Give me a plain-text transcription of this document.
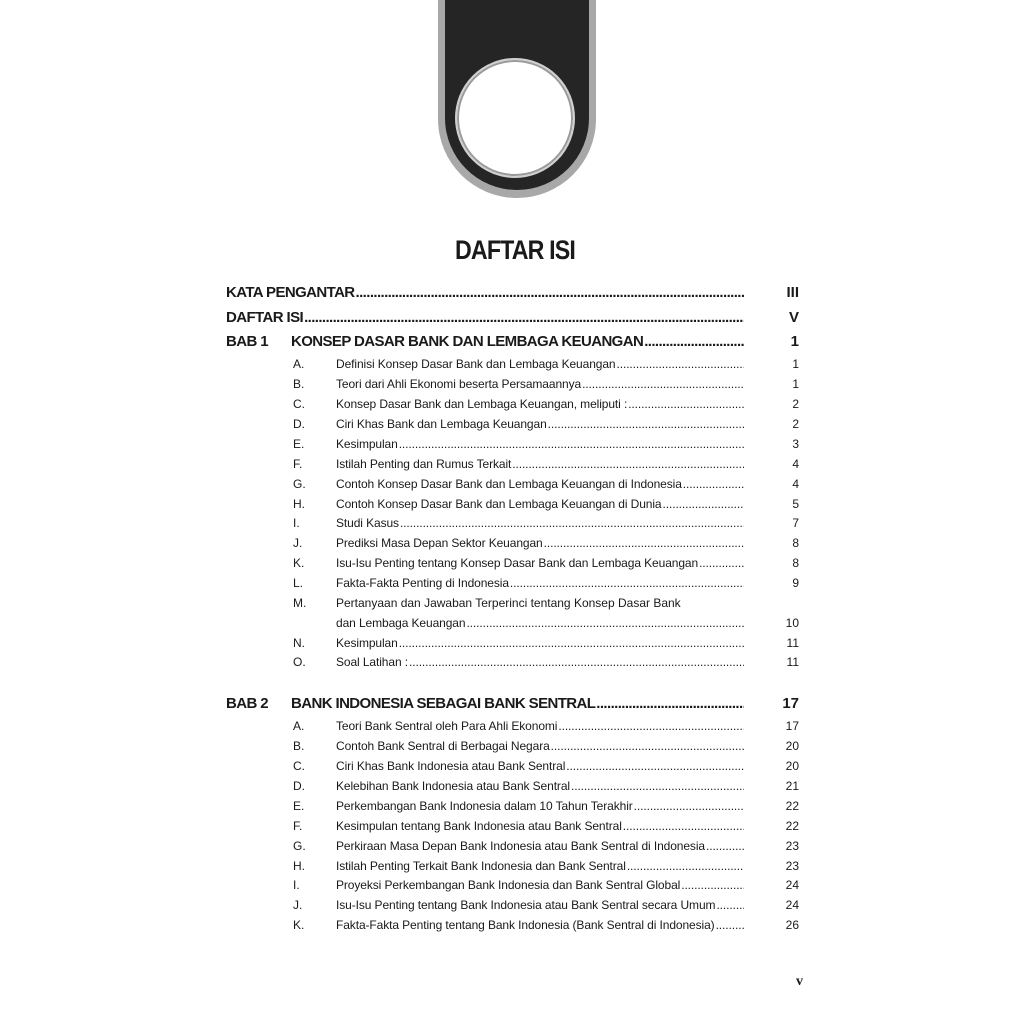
DAFTAR ISI
KATA PENGANTAR .....	III
DAFTAR ISI .....	V
BAB 1 KONSEP DASAR BANK DAN LEMBAGA KEUANGAN .....	1
A.	Definisi Konsep Dasar Bank dan Lembaga Keuangan .....	1
B.	Teori dari Ahli Ekonomi beserta Persamaannya .....	1
C.	Konsep Dasar Bank dan Lembaga Keuangan, meliputi : .....	2
D.	Ciri Khas Bank dan Lembaga Keuangan .....	2
E.	Kesimpulan .....	3
F.	Istilah Penting dan Rumus Terkait .....	4
G.	Contoh Konsep Dasar Bank dan Lembaga Keuangan di Indonesia .....	4
H.	Contoh Konsep Dasar Bank dan Lembaga Keuangan di Dunia .....	5
I.	Studi Kasus .....	7
J.	Prediksi Masa Depan Sektor Keuangan .....	8
K.	Isu-Isu Penting tentang Konsep Dasar Bank dan Lembaga Keuangan .....	8
L.	Fakta-Fakta Penting di Indonesia .....	9
M. Pertanyaan dan Jawaban Terperinci tentang Konsep Dasar Bank
dan Lembaga Keuangan .....	10
N.	Kesimpulan .....	11
O.	Soal Latihan : .....	11
BAB 2 BANK INDONESIA SEBAGAI BANK SENTRAL .....	17
A.	Teori Bank Sentral oleh Para Ahli Ekonomi .....	17
B.	Contoh Bank Sentral di Berbagai Negara .....	20
C.	Ciri Khas Bank Indonesia atau Bank Sentral .....	20
D.	Kelebihan Bank Indonesia atau Bank Sentral .....	21
E.	Perkembangan Bank Indonesia dalam 10 Tahun Terakhir .....	22
F.	Kesimpulan tentang Bank Indonesia atau Bank Sentral .....	22
G.	Perkiraan Masa Depan Bank Indonesia atau Bank Sentral di Indonesia .....	23
H.	Istilah Penting Terkait Bank Indonesia dan Bank Sentral .....	23
I.	Proyeksi Perkembangan Bank Indonesia dan Bank Sentral Global .....	24
J.	Isu-Isu Penting tentang Bank Indonesia atau Bank Sentral secara Umum .....	24
K.	Fakta-Fakta Penting tentang Bank Indonesia (Bank Sentral di Indonesia) .....	26
v
